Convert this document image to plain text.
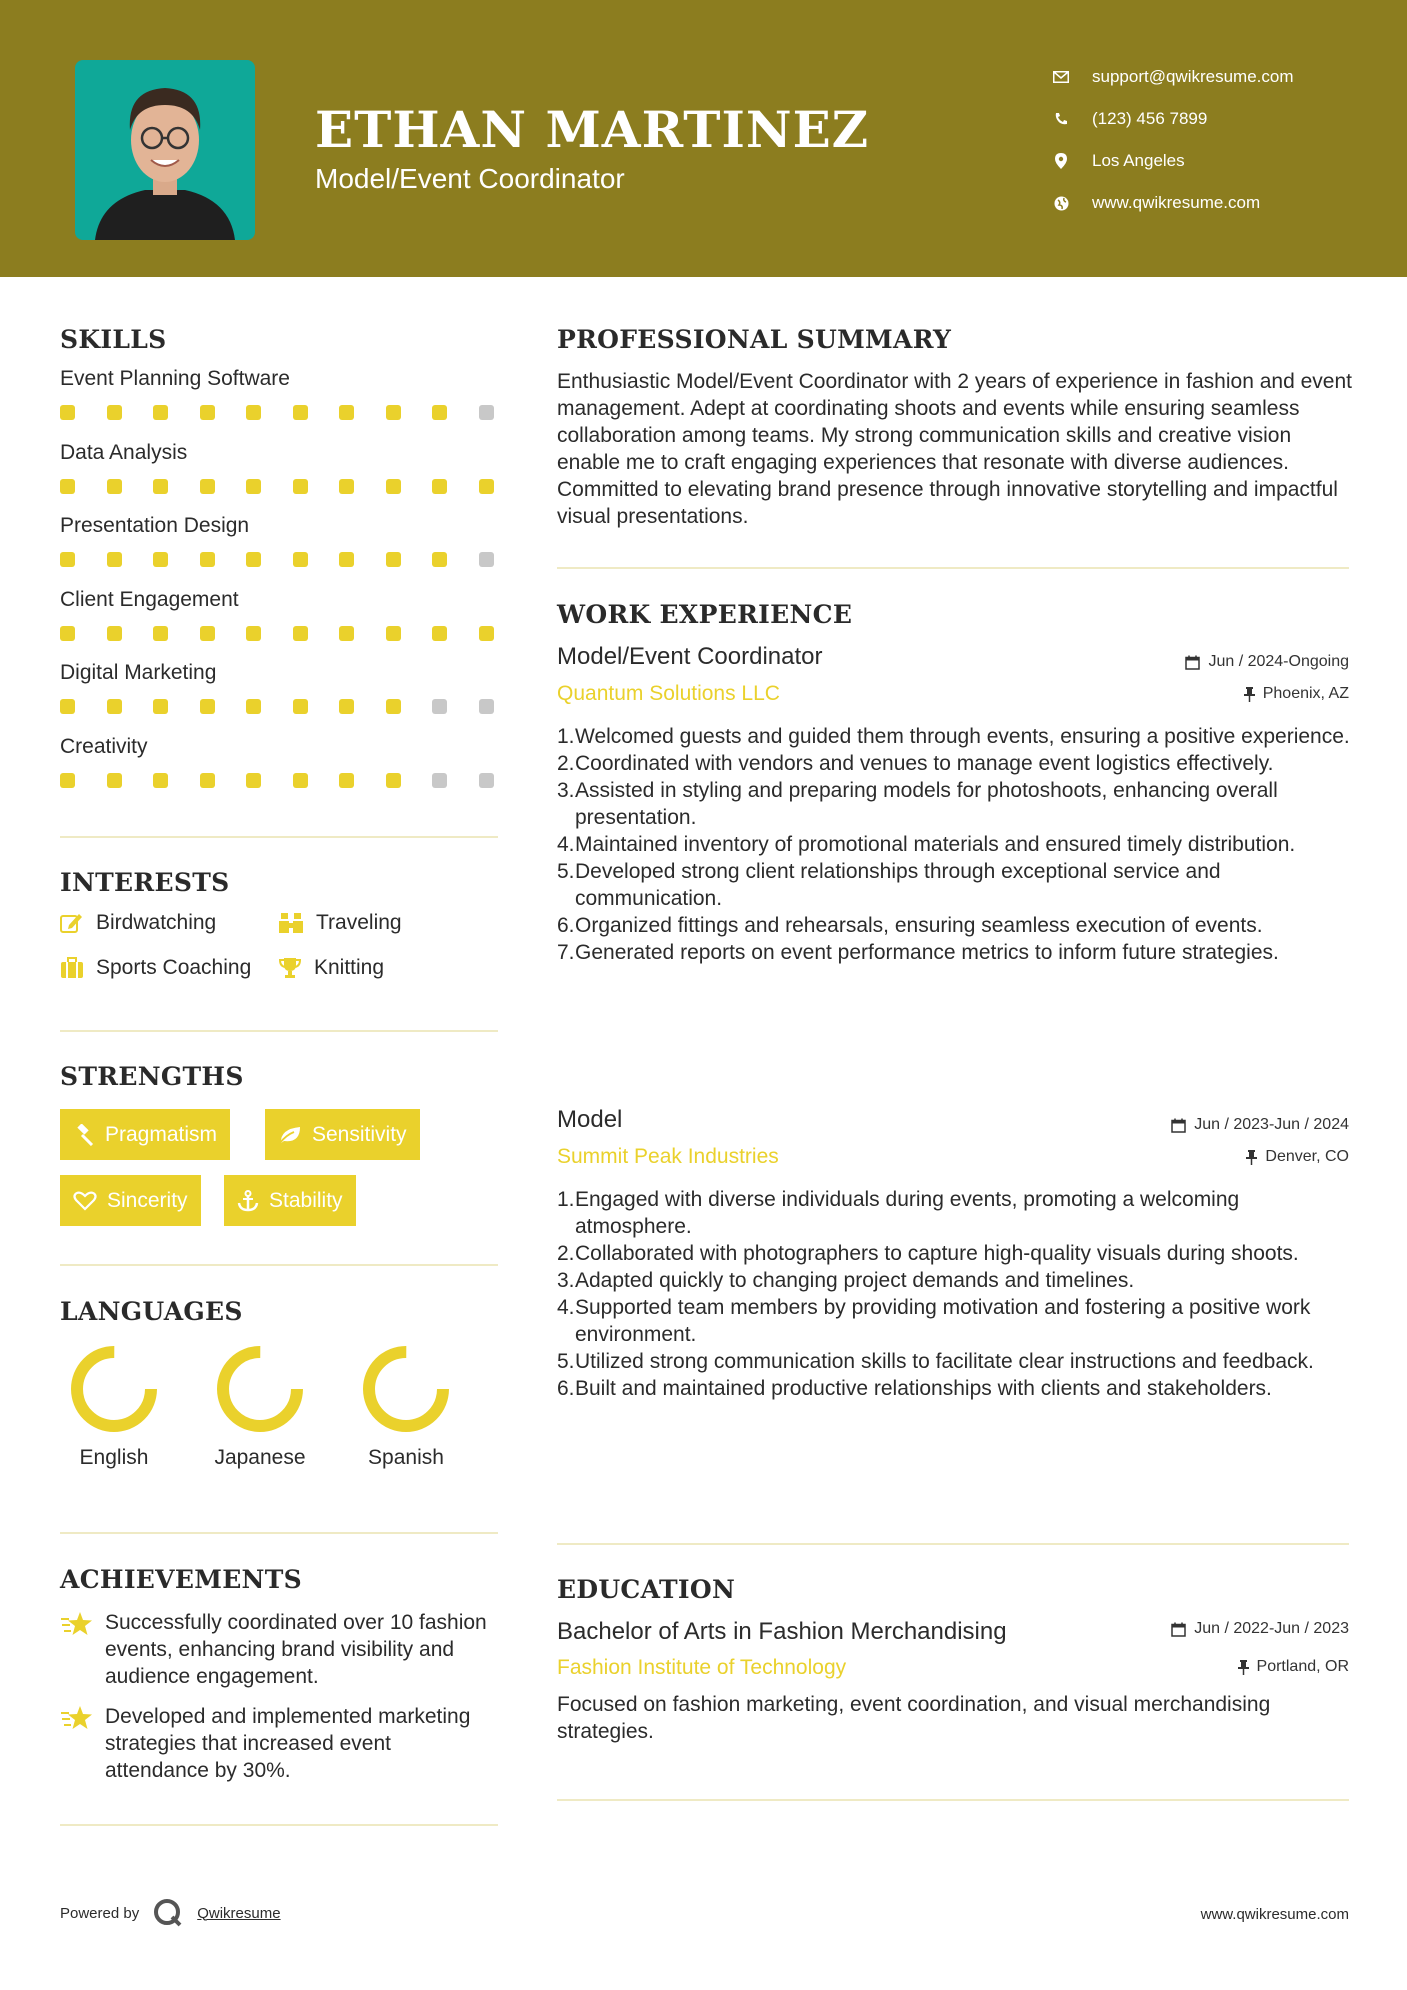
ETHAN MARTINEZ
Model/Event Coordinator
support@qwikresume.com
(123) 456 7899
Los Angeles
www.qwikresume.com
SKILLS
Event Planning Software
Data Analysis
Presentation Design
Client Engagement
Digital Marketing
Creativity
INTERESTS
Birdwatching	Traveling
Sports Coaching	Knitting
STRENGTHS
Pragmatism	Sensitivity
Sincerity	Stability
LANGUAGES
English	Japanese	Spanish
ACHIEVEMENTS
Successfully coordinated over 10 fashion events, enhancing brand visibility and audience engagement.
Developed and implemented marketing strategies that increased event attendance by 30%.
PROFESSIONAL SUMMARY
Enthusiastic Model/Event Coordinator with 2 years of experience in fashion and event management. Adept at coordinating shoots and events while ensuring seamless collaboration among teams. My strong communication skills and creative vision enable me to craft engaging experiences that resonate with diverse audiences. Committed to elevating brand presence through innovative storytelling and impactful visual presentations.
WORK EXPERIENCE
Model/Event Coordinator	Jun / 2024-Ongoing
Quantum Solutions LLC	Phoenix, AZ
1. Welcomed guests and guided them through events, ensuring a positive experience.
2. Coordinated with vendors and venues to manage event logistics effectively.
3. Assisted in styling and preparing models for photoshoots, enhancing overall presentation.
4. Maintained inventory of promotional materials and ensured timely distribution.
5. Developed strong client relationships through exceptional service and communication.
6. Organized fittings and rehearsals, ensuring seamless execution of events.
7. Generated reports on event performance metrics to inform future strategies.
Model	Jun / 2023-Jun / 2024
Summit Peak Industries	Denver, CO
1. Engaged with diverse individuals during events, promoting a welcoming atmosphere.
2. Collaborated with photographers to capture high-quality visuals during shoots.
3. Adapted quickly to changing project demands and timelines.
4. Supported team members by providing motivation and fostering a positive work environment.
5. Utilized strong communication skills to facilitate clear instructions and feedback.
6. Built and maintained productive relationships with clients and stakeholders.
EDUCATION
Bachelor of Arts in Fashion Merchandising	Jun / 2022-Jun / 2023
Fashion Institute of Technology	Portland, OR
Focused on fashion marketing, event coordination, and visual merchandising strategies.
Powered by	Qwikresume	www.qwikresume.com
